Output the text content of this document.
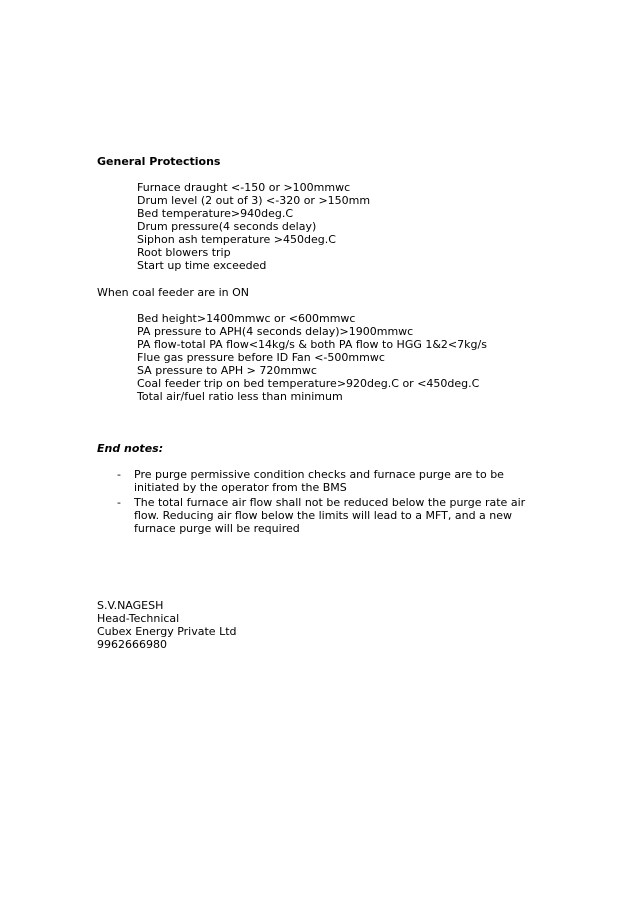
General Protections
Furnace draught <-150 or >100mmwc
Drum level (2 out of 3) <-320 or >150mm
Bed temperature>940deg.C
Drum pressure(4 seconds delay)
Siphon ash temperature >450deg.C
Root blowers trip
Start up time exceeded
When coal feeder are in ON
Bed height>1400mmwc or <600mmwc
PA pressure to APH(4 seconds delay)>1900mmwc
PA flow-total PA flow<14kg/s & both PA flow to HGG 1&2<7kg/s
Flue gas pressure before ID Fan <-500mmwc
SA pressure to APH > 720mmwc
Coal feeder trip on bed temperature>920deg.C or <450deg.C
Total air/fuel ratio less than minimum
End notes:
- Pre purge permissive condition checks and furnace purge are to be initiated by the operator from the BMS
- The total furnace air flow shall not be reduced below the purge rate air flow. Reducing air flow below the limits will lead to a MFT, and a new furnace purge will be required
S.V.NAGESH
Head-Technical
Cubex Energy Private Ltd
9962666980
